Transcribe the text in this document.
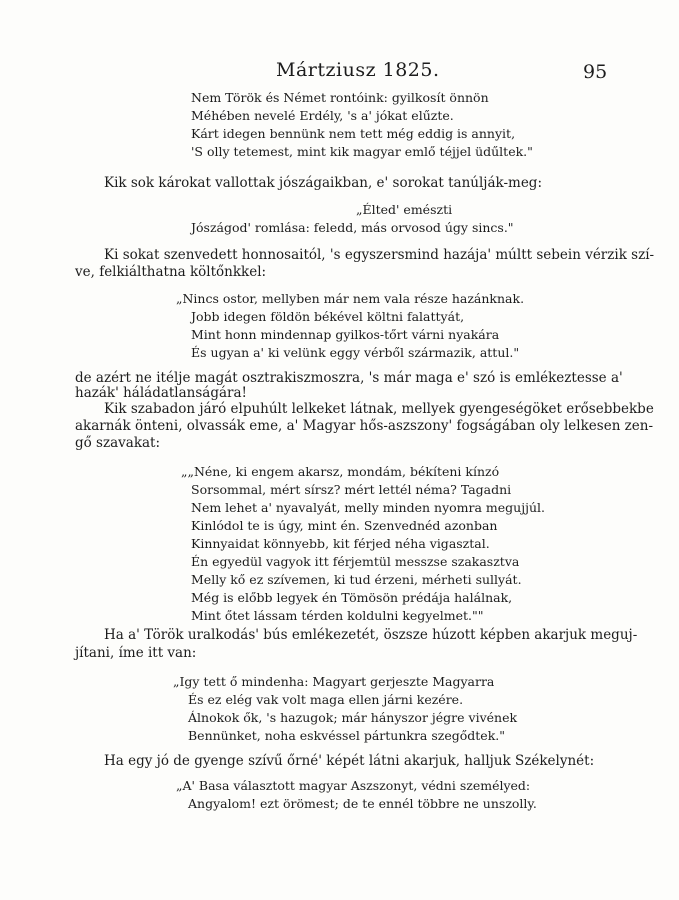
Mártziusz 1825.	95
Nem Török és Német rontóink: gyilkosít önnön
Méhében nevelé Erdély, 's a' jókat elűzte.
Kárt idegen bennünk nem tett még eddig is annyit,
'S olly tetemest, mint kik magyar emlő téjjel üdűltek."
Kik sok károkat vallottak jószágaikban, e' sorokat tanúlják-meg:
„Élted' emészti
Jószágod' romlása: feledd, más orvosod úgy sincs."
Ki sokat szenvedett honnosaitól, 's egyszersmind hazája' múltt sebein vérzik szí-
ve, felkiálthatna költőnkkel:
„Nincs ostor, mellyben már nem vala része hazánknak.
Jobb idegen földön békével költni falattyát,
Mint honn mindennap gyilkos-tőrt várni nyakára
És ugyan a' ki velünk eggy vérből származik, attul."
de azért ne itélje magát osztrakiszmoszra, 's már maga e' szó is emlékeztesse a'
hazák' háládatlanságára!
Kik szabadon járó elpuhúlt lelkeket látnak, mellyek gyengeségöket erősebbekbe
akarnák önteni, olvassák eme, a' Magyar hős-aszszony' fogságában oly lelkesen zen-
gő szavakat:
„„Néne, ki engem akarsz, mondám, békíteni kínzó
Sorsommal, mért sírsz? mért lettél néma? Tagadni
Nem lehet a' nyavalyát, melly minden nyomra megujjúl.
Kinlódol te is úgy, mint én. Szenvednéd azonban
Kinnyaidat könnyebb, kit férjed néha vigasztal.
Én egyedül vagyok itt férjemtül messzse szakasztva
Melly kő ez szívemen, ki tud érzeni, mérheti sullyát.
Még is előbb legyek én Tömösön prédája halálnak,
Mint őtet lássam térden koldulni kegyelmet.""
Ha a' Török uralkodás' bús emlékezetét, öszsze húzott képben akarjuk meguj-
jítani, íme itt van:
„Igy tett ő mindenha: Magyart gerjeszte Magyarra
És ez elég vak volt maga ellen járni kezére.
Álnokok ők, 's hazugok; már hányszor jégre vivének
Bennünket, noha eskvéssel pártunkra szegődtek."
Ha egy jó de gyenge szívű őrné' képét látni akarjuk, halljuk Székelynét:
„A' Basa választott magyar Aszszonyt, védni személyed:
Angyalom! ezt örömest; de te ennél többre ne unszolly.
